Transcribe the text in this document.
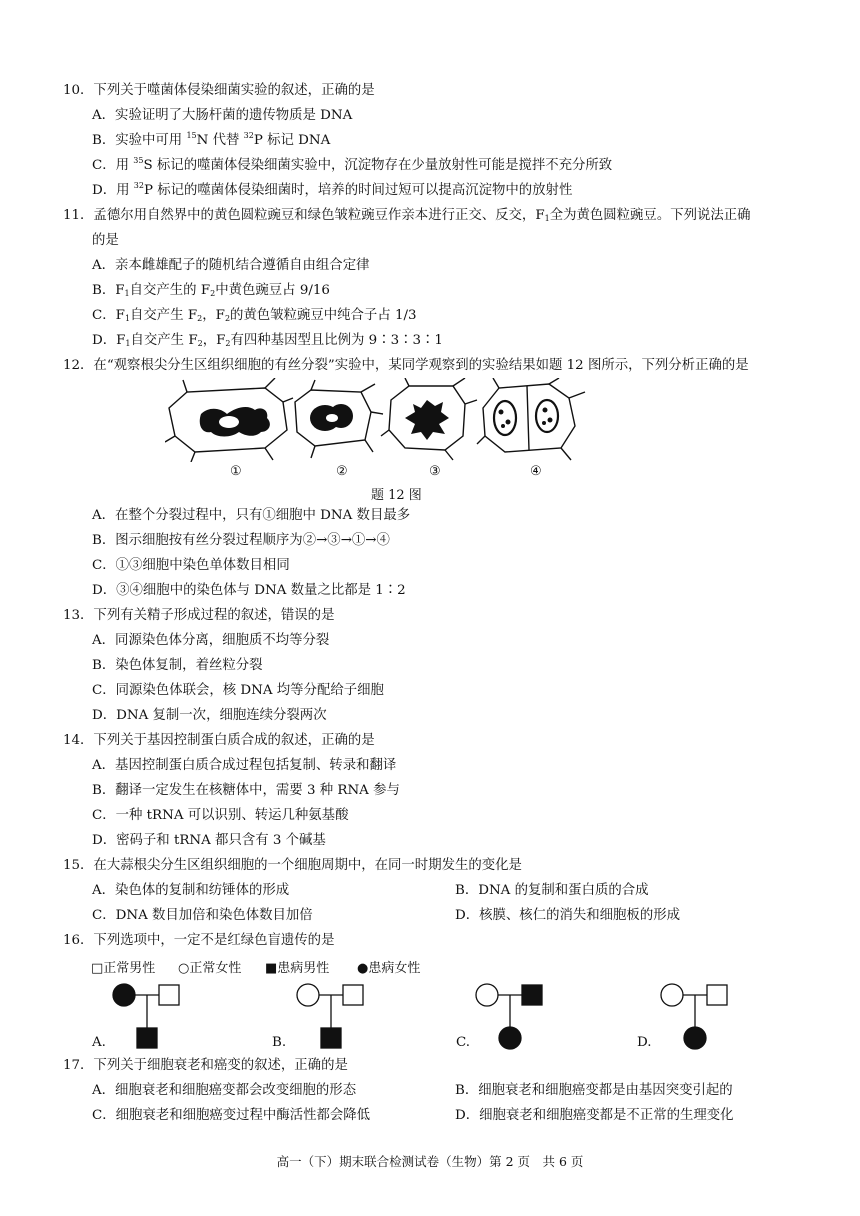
10．下列关于噬菌体侵染细菌实验的叙述，正确的是
A．实验证明了大肠杆菌的遗传物质是 DNA
B．实验中可用 $^{15}$N 代替 $^{32}$P 标记 DNA
C．用 $^{35}$S 标记的噬菌体侵染细菌实验中，沉淀物存在少量放射性可能是搅拌不充分所致
D．用 $^{32}$P 标记的噬菌体侵染细菌时，培养的时间过短可以提高沉淀物中的放射性
11．孟德尔用自然界中的黄色圆粒豌豆和绿色皱粒豌豆作亲本进行正交、反交，$F_1$全为黄色圆粒豌豆。下列说法正确
的是
A．亲本雌雄配子的随机结合遵循自由组合定律
B．$F_1$自交产生的 $F_2$中黄色豌豆占 9/16
C．$F_1$自交产生 $F_2$，$F_2$的黄色皱粒豌豆中纯合子占 1/3
D．$F_1$自交产生 $F_2$，$F_2$有四种基因型且比例为 9∶3∶3∶1
12．在“观察根尖分生区组织细胞的有丝分裂”实验中，某同学观察到的实验结果如题 12 图所示，下列分析正确的是
①	②	③	④
题 12 图
A．在整个分裂过程中，只有①细胞中 DNA 数目最多
B．图示细胞按有丝分裂过程顺序为②→③→①→④
C．①③细胞中染色单体数目相同
D．③④细胞中的染色体与 DNA 数量之比都是 1∶2
13．下列有关精子形成过程的叙述，错误的是
A．同源染色体分离，细胞质不均等分裂
B．染色体复制，着丝粒分裂
C．同源染色体联会，核 DNA 均等分配给子细胞
D．DNA 复制一次，细胞连续分裂两次
14．下列关于基因控制蛋白质合成的叙述，正确的是
A．基因控制蛋白质合成过程包括复制、转录和翻译
B．翻译一定发生在核糖体中，需要 3 种 RNA 参与
C．一种 tRNA 可以识别、转运几种氨基酸
D．密码子和 tRNA 都只含有 3 个碱基
15．在大蒜根尖分生区组织细胞的一个细胞周期中，在同一时期发生的变化是
A．染色体的复制和纺锤体的形成	B．DNA 的复制和蛋白质的合成
C．DNA 数目加倍和染色体数目加倍	D．核膜、核仁的消失和细胞板的形成
16．下列选项中，一定不是红绿色盲遗传的是
□正常男性 ○正常女性 ■患病男性 ●患病女性
A.	B.	C.	D.
17．下列关于细胞衰老和癌变的叙述，正确的是
A．细胞衰老和细胞癌变都会改变细胞的形态	B．细胞衰老和细胞癌变都是由基因突变引起的
C．细胞衰老和细胞癌变过程中酶活性都会降低	D．细胞衰老和细胞癌变都是不正常的生理变化
高一（下）期末联合检测试卷（生物）第 2 页　共 6 页
